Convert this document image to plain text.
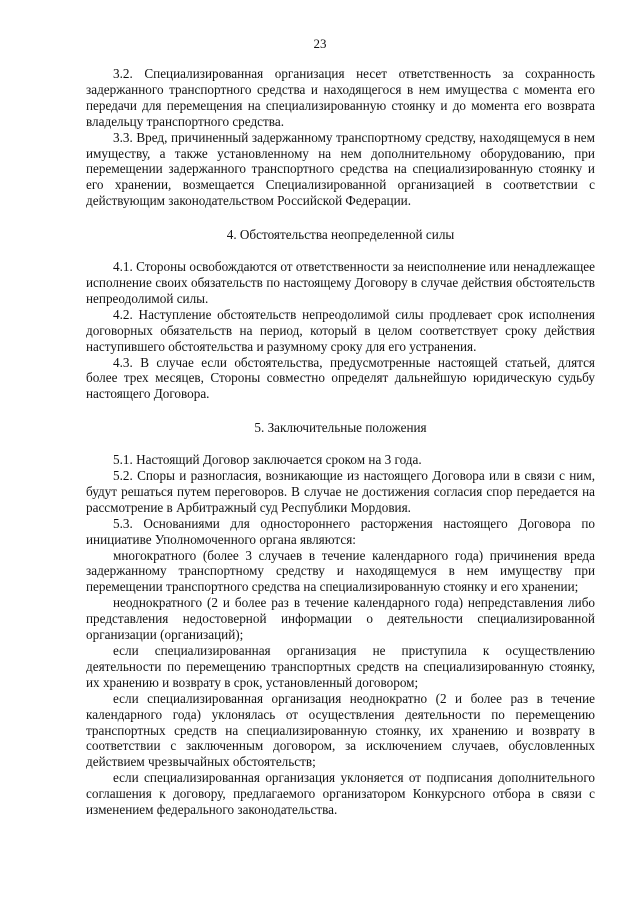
23

3.2. Специализированная организация несет ответственность за сохранность задержанного транспортного средства и находящегося в нем имущества с момента его передачи для перемещения на специализированную стоянку и до момента его возврата владельцу транспортного средства.

3.3. Вред, причиненный задержанному транспортному средству, находящемуся в нем имуществу, а также установленному на нем дополнительному оборудованию, при перемещении задержанного транспортного средства на специализированную стоянку и его хранении, возмещается Специализированной организацией в соответствии с действующим законодательством Российской Федерации.

4. Обстоятельства неопределенной силы

4.1. Стороны освобождаются от ответственности за неисполнение или ненадлежащее исполнение своих обязательств по настоящему Договору в случае действия обстоятельств непреодолимой силы.

4.2. Наступление обстоятельств непреодолимой силы продлевает срок исполнения договорных обязательств на период, который в целом соответствует сроку действия наступившего обстоятельства и разумному сроку для его устранения.

4.3. В случае если обстоятельства, предусмотренные настоящей статьей, длятся более трех месяцев, Стороны совместно определят дальнейшую юридическую судьбу настоящего Договора.

5. Заключительные положения

5.1. Настоящий Договор заключается сроком на 3 года.

5.2. Споры и разногласия, возникающие из настоящего Договора или в связи с ним, будут решаться путем переговоров. В случае не достижения согласия спор передается на рассмотрение в Арбитражный суд Республики Мордовия.

5.3. Основаниями для одностороннего расторжения настоящего Договора по инициативе Уполномоченного органа являются:

многократного (более 3 случаев в течение календарного года) причинения вреда задержанному транспортному средству и находящемуся в нем имуществу при перемещении транспортного средства на специализированную стоянку и его хранении;

неоднократного (2 и более раз в течение календарного года) непредставления либо представления недостоверной информации о деятельности специализированной организации (организаций);

если специализированная организация не приступила к осуществлению деятельности по перемещению транспортных средств на специализированную стоянку, их хранению и возврату в срок, установленный договором;

если специализированная организация неоднократно (2 и более раз в течение календарного года) уклонялась от осуществления деятельности по перемещению транспортных средств на специализированную стоянку, их хранению и возврату в соответствии с заключенным договором, за исключением случаев, обусловленных действием чрезвычайных обстоятельств;

если специализированная организация уклоняется от подписания дополнительного соглашения к договору, предлагаемого организатором Конкурсного отбора в связи с изменением федерального законодательства.
